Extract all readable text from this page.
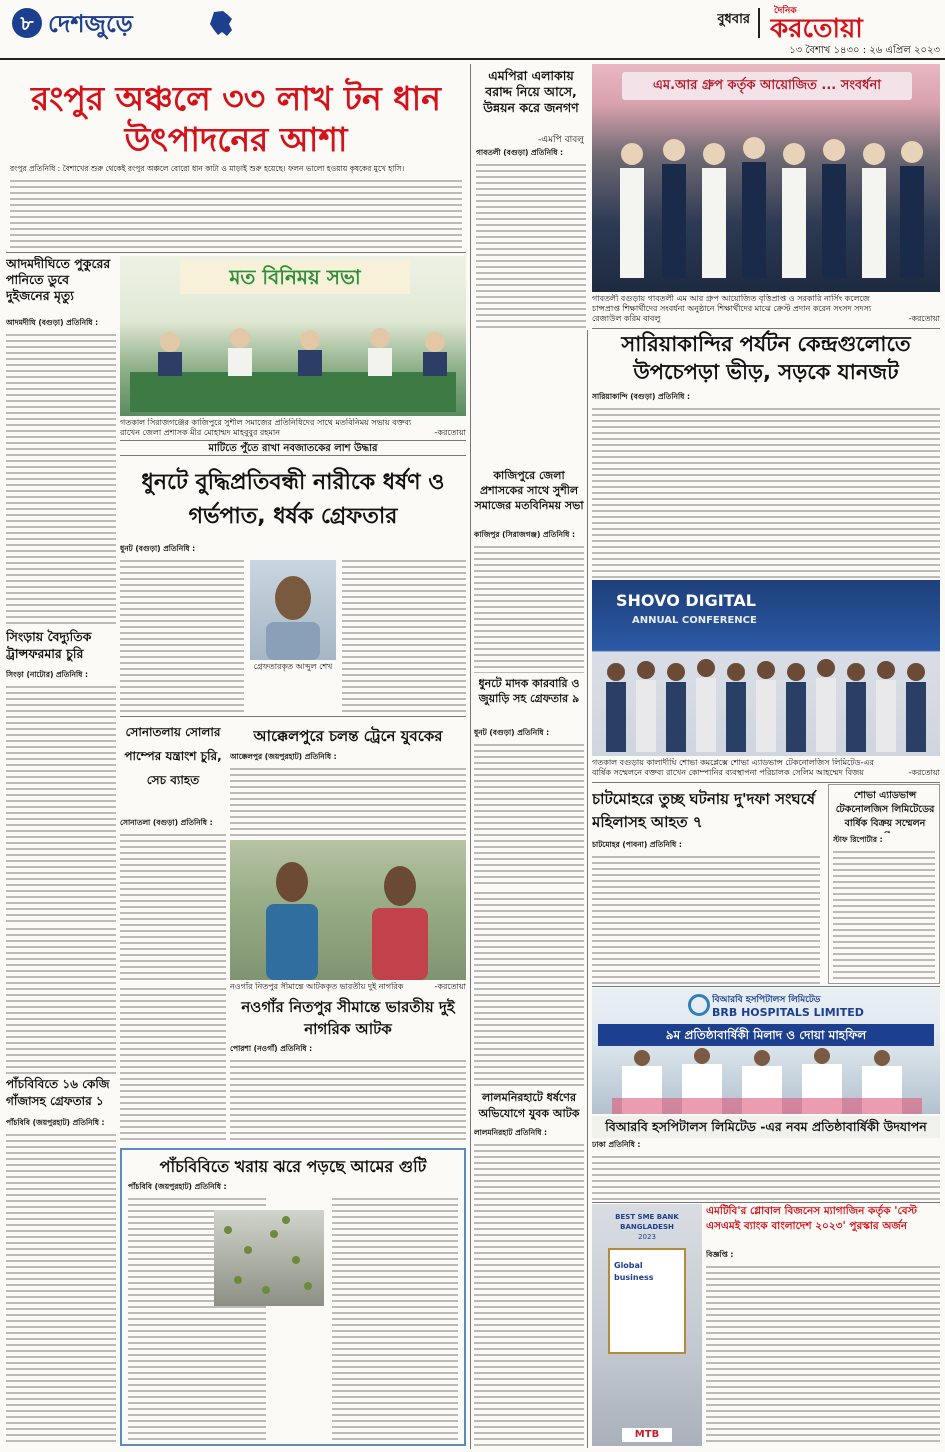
৮ দেশজুড়ে	বুধবার
দৈনিক
করতোয়া
১৩ বৈশাখ ১৪৩০ : ২৬ এপ্রিল ২০২৩
রংপুর অঞ্চলে ৩৩ লাখ টন ধান উৎপাদনের আশা
রংপুর প্রতিনিধি : বৈশাখের শুরু থেকেই রংপুর অঞ্চলে বোরো ধান কাটা ও মাড়াই শুরু হয়েছে। ফলন ভালো হওয়ায় কৃষকের মুখে হাসি।
এমপিরা এলাকায় বরাদ্দ নিয়ে আসে, উন্নয়ন করে জনগণ
-এমপি বাবলু
গাবতলী (বগুড়া) প্রতিনিধি :
এম.আর গ্রুপ কর্তৃক আয়োজিত ... সংবর্ধনা
গাবতলী বগুড়ায় গাবতলী এম আর গ্রুপ আয়োজিত বৃত্তিপ্রাপ্ত ও সরকারি নার্সিং কলেজে চান্সপ্রাপ্ত শিক্ষার্থীদের সংবর্ধনা অনুষ্ঠানে শিক্ষার্থীদের মাঝে ক্রেস্ট প্রদান করেন সংসদ সদস্য রেজাউল করিম বাবলু	-করতোয়া
আদমদীঘিতে পুকুরের পানিতে ডুবে দুইজনের মৃত্যু
আদমদীঘি (বগুড়া) প্রতিনিধি :
মত বিনিময় সভা
গতকাল সিরাজগঞ্জের কাজিপুরে সুশীল সমাজের প্রতিনিধিদের সাথে মতবিনিময় সভায় বক্তব্য রাখেন জেলা প্রশাসক মীর মোহাম্মদ মাহবুবুর রহমান	-করতোয়া
মাটিতে পুঁতে রাখা নবজাতকের লাশ উদ্ধার
সারিয়াকান্দির পর্যটন কেন্দ্রগুলোতে উপচেপড়া ভীড়, সড়কে যানজট
সারিয়াকান্দি (বগুড়া) প্রতিনিধি :
কাজিপুরে জেলা প্রশাসকের সাথে সুশীল সমাজের মতবিনিময় সভা
কাজিপুর (সিরাজগঞ্জ) প্রতিনিধি :
ধুনটে বুদ্ধিপ্রতিবন্ধী নারীকে ধর্ষণ ও গর্ভপাত, ধর্ষক গ্রেফতার
ধুনট (বগুড়া) প্রতিনিধি :
গ্রেফতারকৃত আব্দুল শেখ
SHOVO DIGITAL
ANNUAL CONFERENCE
গতকাল বগুড়ায় কালাদীঘি শোভা কমপ্লেক্সে শোভা এ্যাডভান্স টেকনোলজিস লিমিটেড-এর বার্ষিক সম্মেলনে বক্তব্য রাখেন কোম্পানির ব্যবস্থাপনা পরিচালক সেলিম আহম্মেদ বিজয়	-করতোয়া
ধুনটে মাদক কারবারি ও জুয়াড়ি সহ গ্রেফতার ৯
ধুনট (বগুড়া) প্রতিনিধি :
সিংড়ায় বৈদ্যুতিক ট্রান্সফরমার চুরি
সিংড়া (নাটোর) প্রতিনিধি :
সোনাতলায় সোলার পাম্পের যন্ত্রাংশ চুরি, সেচ ব্যাহত
সোনাতলা (বগুড়া) প্রতিনিধি :
আক্কেলপুরে চলন্ত ট্রেনে যুবকের
আক্কেলপুর (জয়পুরহাট) প্রতিনিধি :
নওগাঁর নিতপুর সীমান্তে আটককৃত ভারতীয় দুই নাগরিক	-করতোয়া
নওগাঁর নিতপুর সীমান্তে ভারতীয় দুই নাগরিক আটক
পোরশা (নওগাঁ) প্রতিনিধি :
চাটমোহরে তুচ্ছ ঘটনায় দু'দফা সংঘর্ষে মহিলাসহ আহত ৭
চাটমোহর (পাবনা) প্রতিনিধি :
শোভা এ্যাডভান্স টেকনোলজিস লিমিটেডের বার্ষিক বিক্রয় সম্মেলন
স্টাফ রিপোর্টার :
লালমনিরহাটে ধর্ষণের অভিযোগে যুবক আটক
লালমনিরহাট প্রতিনিধি :
পাঁচবিবিতে ১৬ কেজি গাঁজাসহ গ্রেফতার ১
পাঁচবিবি (জয়পুরহাট) প্রতিনিধি :
পাঁচবিবিতে খরায় ঝরে পড়ছে আমের গুটি
পাঁচবিবি (জয়পুরহাট) প্রতিনিধি :
বিআরবি হসপিটালস লিমিটেড
BRB HOSPITALS LIMITED
৯ম প্রতিষ্ঠাবার্ষিকী মিলাদ ও দোয়া মাহফিল
বিআরবি হসপিটালস লিমিটেড -এর নবম প্রতিষ্ঠাবার্ষিকী উদযাপন
ঢাকা প্রতিনিধি :
BEST SME BANK BANGLADESH
2023
Global business
MTB
এমটিবি'র গ্লোবাল বিজনেস ম্যাগাজিন কর্তৃক 'বেস্ট এসএমই ব্যাংক বাংলাদেশ ২০২৩' পুরস্কার অর্জন
বিজ্ঞপ্তি :
